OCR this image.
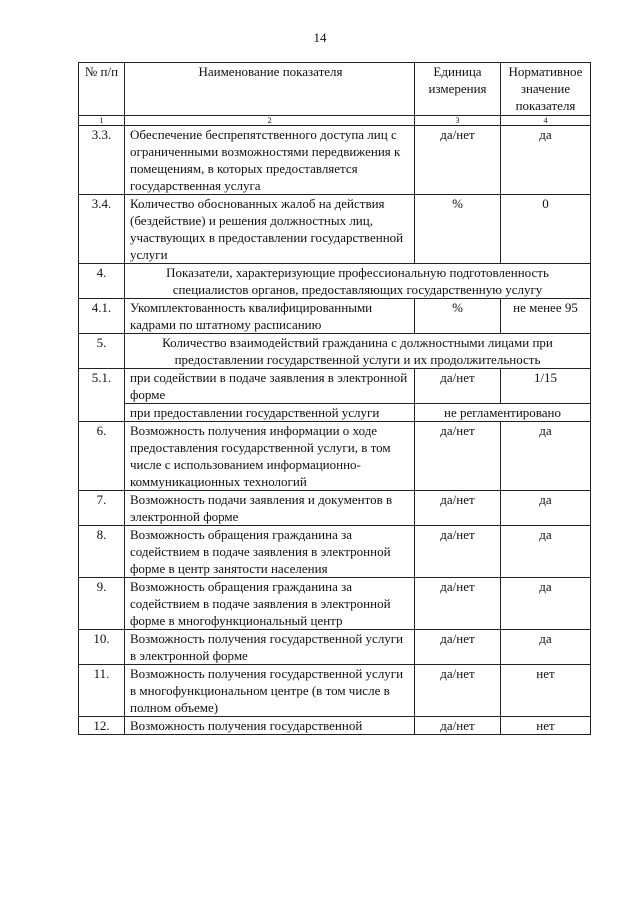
14
№ п/п	Наименование показателя	Единица измерения	Нормативное значение показателя
1	2	3	4
3.3.	Обеспечение беспрепятственного доступа лиц с ограниченными возможностями передвижения к помещениям, в которых предоставляется государственная услуга	да/нет	да
3.4.	Количество обоснованных жалоб на действия (бездействие) и решения должностных лиц, участвующих в предоставлении государственной услуги	%	0
4.	Показатели, характеризующие профессиональную подготовленность специалистов органов, предоставляющих государственную услугу		
4.1.	Укомплектованность квалифицированными кадрами по штатному расписанию	%	не менее 95
5.	Количество взаимодействий гражданина с должностными лицами при предоставлении государственной услуги и их продолжительность		
5.1.	при содействии в подаче заявления в электронной форме	да/нет	1/15
	при предоставлении государственной услуги	не регламентировано	
6.	Возможность получения информации о ходе предоставления государственной услуги, в том числе с использованием информационно-коммуникационных технологий	да/нет	да
7.	Возможность подачи заявления и документов в электронной форме	да/нет	да
8.	Возможность обращения гражданина за содействием в подаче заявления в электронной форме в центр занятости населения	да/нет	да
9.	Возможность обращения гражданина за содействием в подаче заявления в электронной форме в многофункциональный центр	да/нет	да
10.	Возможность получения государственной услуги в электронной форме	да/нет	да
11.	Возможность получения государственной услуги в многофункциональном центре (в том числе в полном объеме)	да/нет	нет
12.	Возможность получения государственной	да/нет	нет
